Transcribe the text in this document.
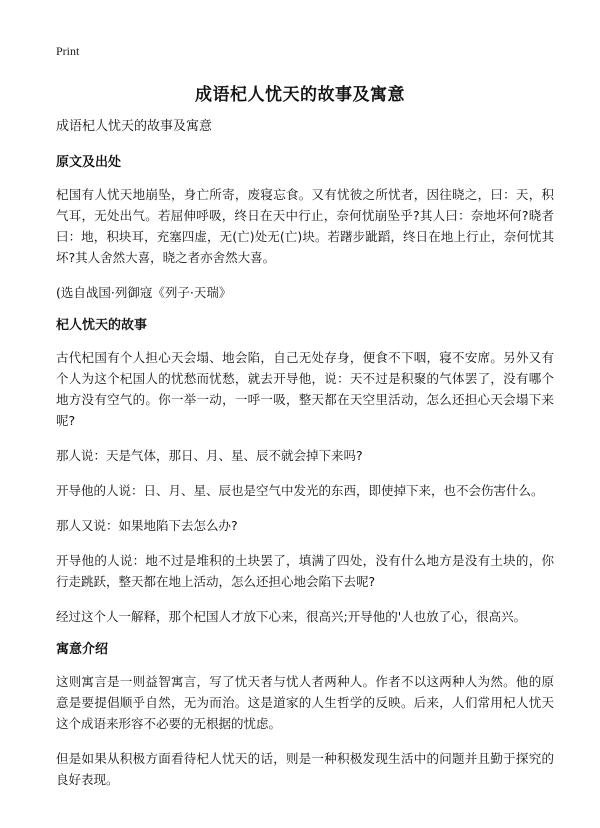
Print
成语杞人忧天的故事及寓意

成语杞人忧天的故事及寓意

原文及出处

杞国有人忧天地崩坠，身亡所寄，废寝忘食。又有忧彼之所忧者，因往晓之，曰：天，积气耳，无处出气。若屈伸呼吸，终日在天中行止，奈何忧崩坠乎?其人曰：奈地坏何?晓者曰：地，积块耳，充塞四虚，无(亡)处无(亡)块。若躇步跐蹈，终日在地上行止，奈何忧其坏?其人舍然大喜，晓之者亦舍然大喜。

(选自战国·列御寇《列子·天瑞》

杞人忧天的故事

古代杞国有个人担心天会塌、地会陷，自己无处存身，便食不下咽，寝不安席。另外又有个人为这个杞国人的忧愁而忧愁，就去开导他，说：天不过是积聚的气体罢了，没有哪个地方没有空气的。你一举一动，一呼一吸，整天都在天空里活动，怎么还担心天会塌下来呢?

那人说：天是气体，那日、月、星、辰不就会掉下来吗?

开导他的人说：日、月、星、辰也是空气中发光的东西，即使掉下来，也不会伤害什么。

那人又说：如果地陷下去怎么办?

开导他的人说：地不过是堆积的土块罢了，填满了四处，没有什么地方是没有土块的，你行走跳跃，整天都在地上活动，怎么还担心地会陷下去呢?

经过这个人一解释，那个杞国人才放下心来，很高兴;开导他的'人也放了心，很高兴。

寓意介绍

这则寓言是一则益智寓言，写了忧天者与忧人者两种人。作者不以这两种人为然。他的原意是要提倡顺乎自然，无为而治。这是道家的人生哲学的反映。后来，人们常用杞人忧天这个成语来形容不必要的无根据的忧虑。

但是如果从积极方面看待杞人忧天的话，则是一种积极发现生活中的问题并且勤于探究的良好表现。
